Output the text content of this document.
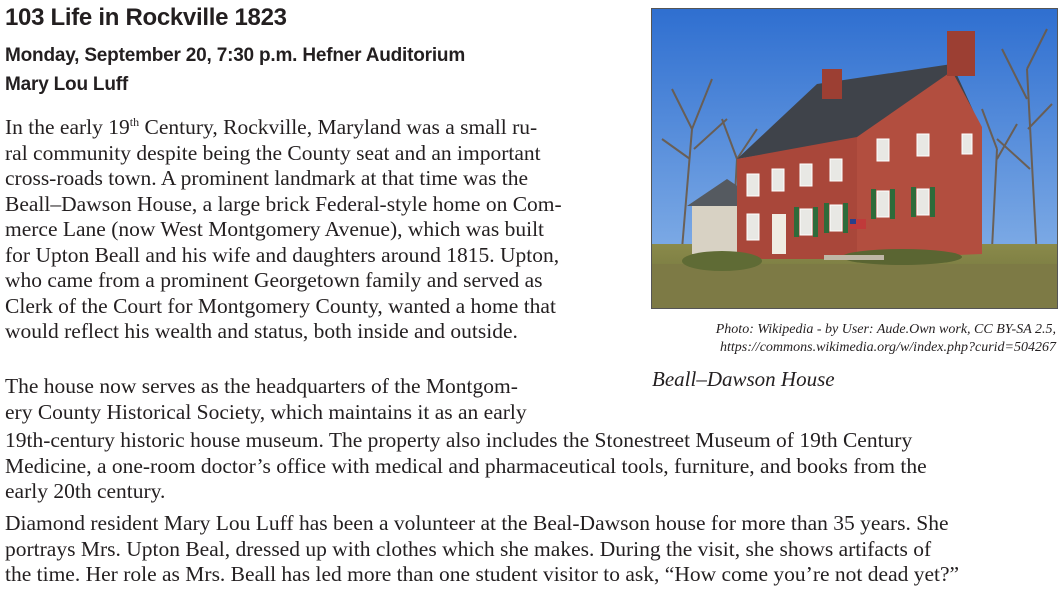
103 Life in Rockville 1823
Monday, September 20, 7:30 p.m. Hefner Auditorium
Mary Lou Luff
In the early 19th Century, Rockville, Maryland was a small ru-
ral community despite being the County seat and an important
cross-roads town. A prominent landmark at that time was the
Beall–Dawson House, a large brick Federal-style home on Com-
merce Lane (now West Montgomery Avenue), which was built
for Upton Beall and his wife and daughters around 1815. Upton,
who came from a prominent Georgetown family and served as
Clerk of the Court for Montgomery County, wanted a home that
would reflect his wealth and status, both inside and outside.
The house now serves as the headquarters of the Montgom-
ery County Historical Society, which maintains it as an early
19th-century historic house museum. The property also includes the Stonestreet Museum of 19th Century
Medicine, a one-room doctor’s office with medical and pharmaceutical tools, furniture, and books from the
early 20th century.
Diamond resident Mary Lou Luff has been a volunteer at the Beal-Dawson house for more than 35 years. She
portrays Mrs. Upton Beal, dressed up with clothes which she makes. During the visit, she shows artifacts of
the time. Her role as Mrs. Beall has led more than one student visitor to ask, “How come you’re not dead yet?”
Photo: Wikipedia - by User: Aude.Own work, CC BY-SA 2.5,
https://commons.wikimedia.org/w/index.php?curid=504267
Beall–Dawson House
